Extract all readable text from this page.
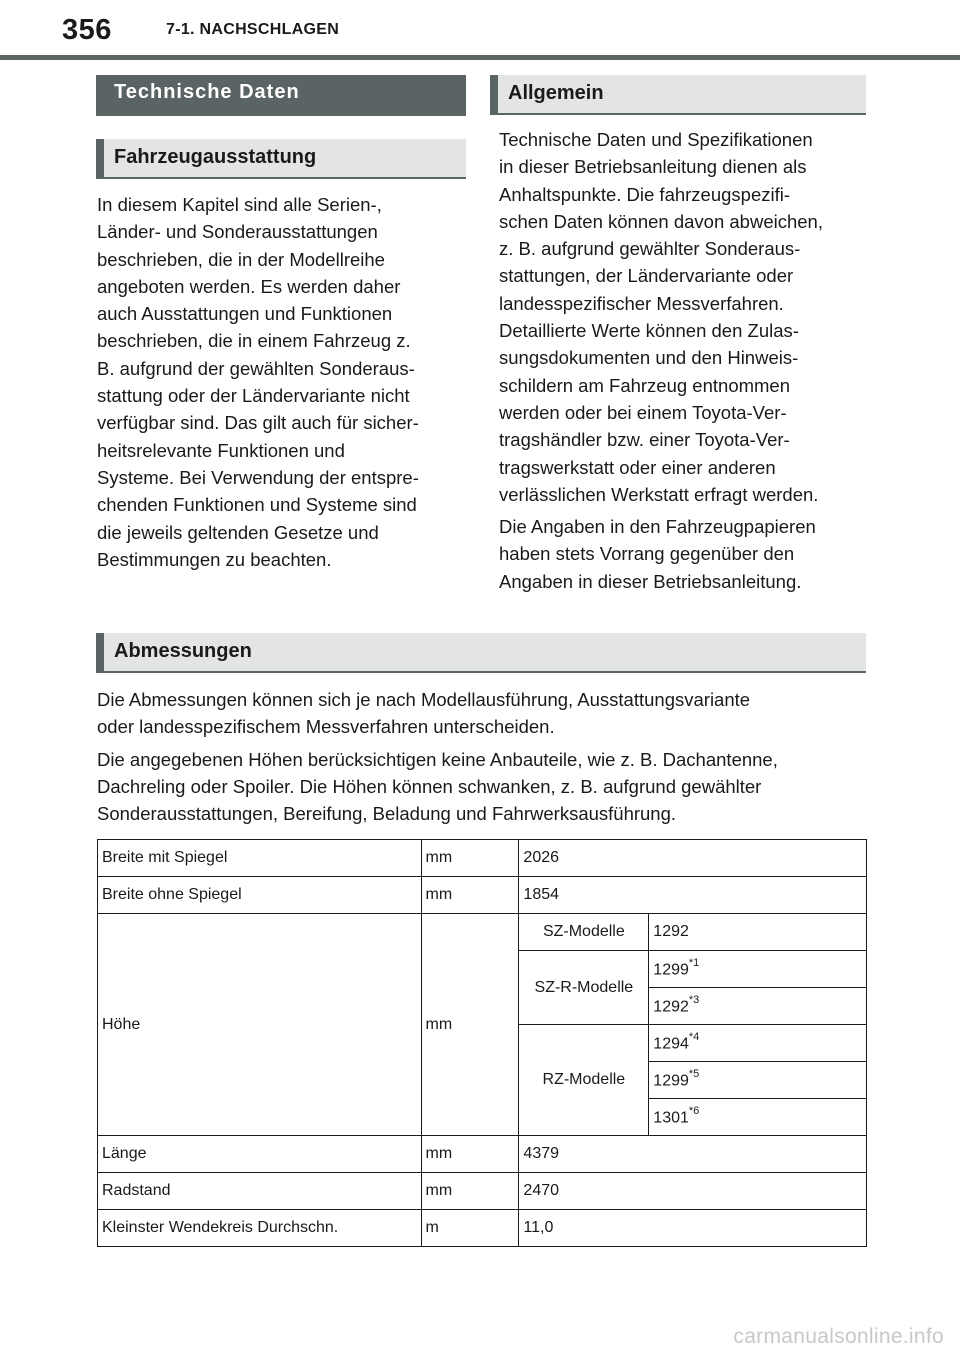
356	7-1. NACHSCHLAGEN
Technische Daten
Fahrzeugausstattung

In diesem Kapitel sind alle Serien-,
Länder- und Sonderausstattungen
beschrieben, die in der Modellreihe
angeboten werden. Es werden daher
auch Ausstattungen und Funktionen
beschrieben, die in einem Fahrzeug z.
B. aufgrund der gewählten Sonderaus-
stattung oder der Ländervariante nicht
verfügbar sind. Das gilt auch für sicher-
heitsrelevante Funktionen und
Systeme. Bei Verwendung der entspre-
chenden Funktionen und Systeme sind
die jeweils geltenden Gesetze und
Bestimmungen zu beachten.

Allgemein

Technische Daten und Spezifikationen
in dieser Betriebsanleitung dienen als
Anhaltspunkte. Die fahrzeugspezifi-
schen Daten können davon abweichen,
z. B. aufgrund gewählter Sonderaus-
stattungen, der Ländervariante oder
landesspezifischer Messverfahren.
Detaillierte Werte können den Zulas-
sungsdokumenten und den Hinweis-
schildern am Fahrzeug entnommen
werden oder bei einem Toyota-Ver-
tragshändler bzw. einer Toyota-Ver-
tragswerkstatt oder einer anderen
verlässlichen Werkstatt erfragt werden.

Die Angaben in den Fahrzeugpapieren
haben stets Vorrang gegenüber den
Angaben in dieser Betriebsanleitung.

Abmessungen

Die Abmessungen können sich je nach Modellausführung, Ausstattungsvariante
oder landesspezifischem Messverfahren unterscheiden.

Die angegebenen Höhen berücksichtigen keine Anbauteile, wie z. B. Dachantenne,
Dachreling oder Spoiler. Die Höhen können schwanken, z. B. aufgrund gewählter
Sonderausstattungen, Bereifung, Beladung und Fahrwerksausführung.

Breite mit Spiegel	mm	2026	
Breite ohne Spiegel	mm	1854	
Höhe	mm	SZ-Modelle	1292
		SZ-R-Modelle	1299$^{*1}$
			1292$^{*3}$
		RZ-Modelle	1294$^{*4}$
			1299$^{*5}$
			1301$^{*6}$
Länge	mm	4379	
Radstand	mm	2470	
Kleinster Wendekreis Durchschn.	m	11,0	
carmanualsonline.info
